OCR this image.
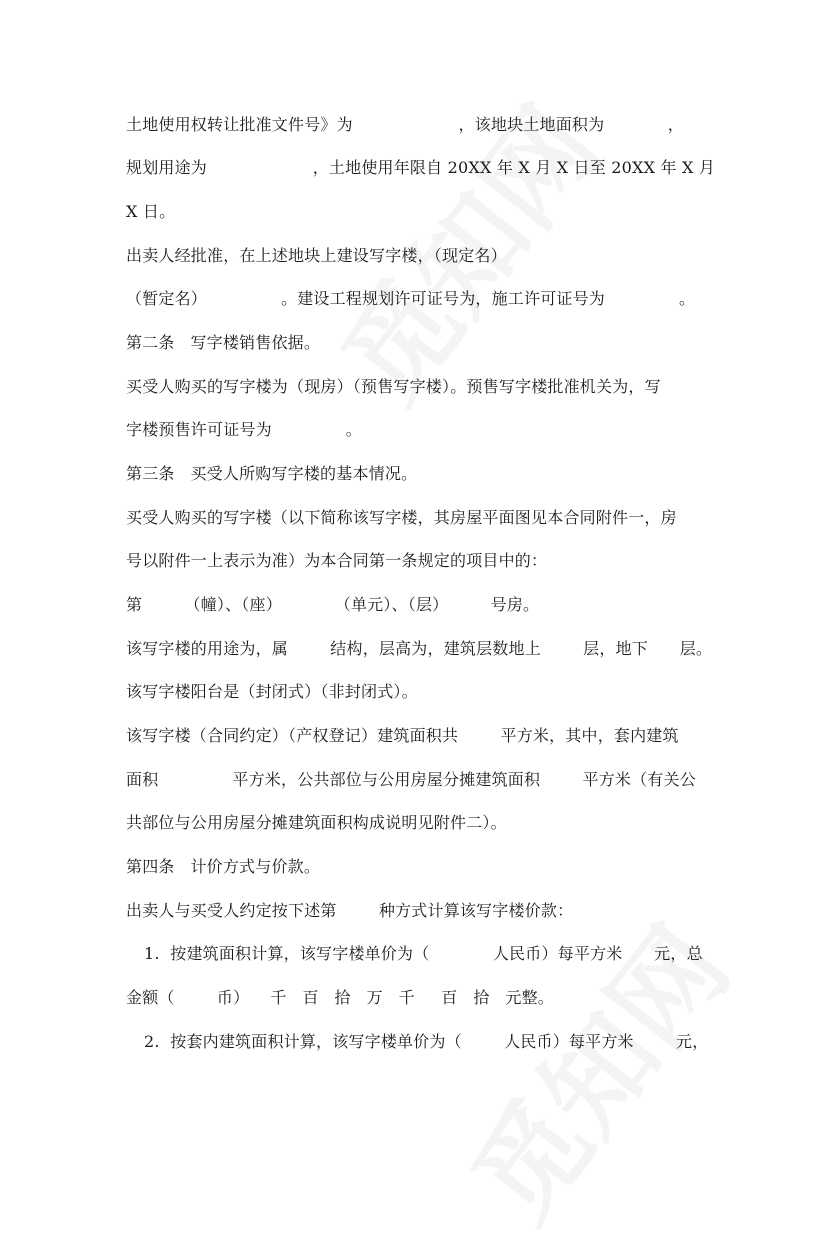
土地使用权转让批准文件号》为                    ，该地块土地面积为            ，
规划用途为                    ，土地使用年限自 20XX 年 X 月 X 日至 20XX 年 X 月
X 日。
出卖人经批准，在上述地块上建设写字楼，（现定名）
（暂定名）              。建设工程规划许可证号为，施工许可证号为              。
第二条   写字楼销售依据。
买受人购买的写字楼为（现房）（预售写字楼）。预售写字楼批准机关为，写
字楼预售许可证号为              。
第三条   买受人所购写字楼的基本情况。
买受人购买的写字楼（以下简称该写字楼，其房屋平面图见本合同附件一，房
号以附件一上表示为准）为本合同第一条规定的项目中的：
第        （幢）、（座）          （单元）、（层）        号房。
该写字楼的用途为，属        结构，层高为，建筑层数地上        层，地下      层。
该写字楼阳台是（封闭式）（非封闭式）。
该写字楼（合同约定）（产权登记）建筑面积共        平方米，其中，套内建筑
面积              平方米，公共部位与公用房屋分摊建筑面积        平方米（有关公
共部位与公用房屋分摊建筑面积构成说明见附件二）。
第四条   计价方式与价款。
出卖人与买受人约定按下述第        种方式计算该写字楼价款：
1.  按建筑面积计算，该写字楼单价为（            人民币）每平方米      元，总
金额（        币）    千   百   拾   万   千     百   拾   元整。
2.  按套内建筑面积计算，该写字楼单价为（        人民币）每平方米        元，
